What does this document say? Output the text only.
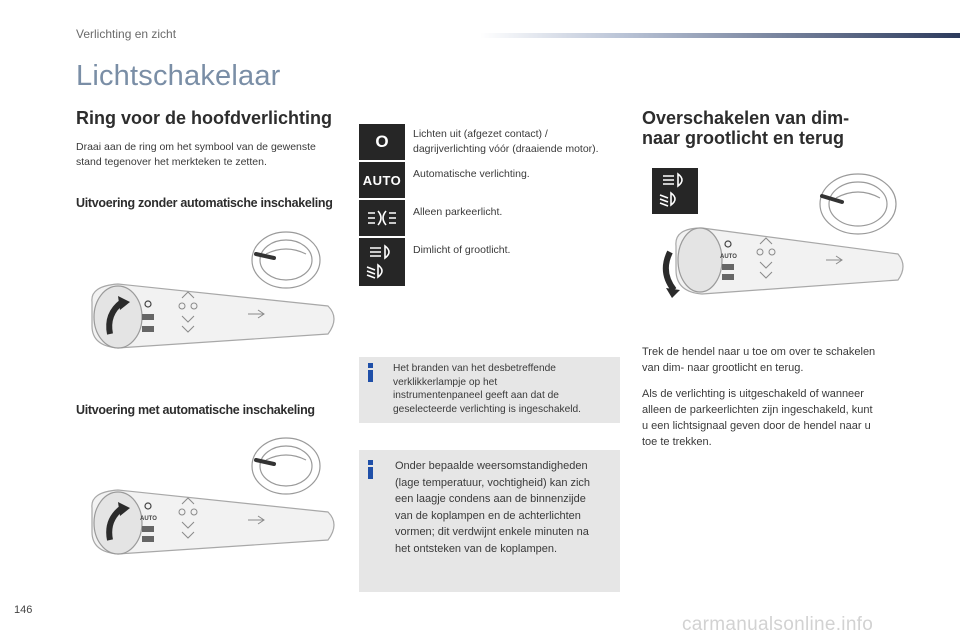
Verlichting en zicht
Lichtschakelaar
Ring voor de hoofdverlichting
Draai aan de ring om het symbool van de gewenste
stand tegenover het merkteken te zetten.
Uitvoering zonder automatische inschakeling
Uitvoering met automatische inschakeling
AUTO
O Lichten uit (afgezet contact) /
dagrijverlichting vóór (draaiende motor).
AUTO Automatische verlichting.
Alleen parkeerlicht.
Dimlicht of grootlicht.
Het branden van het desbetreffende
verklikkerlampje op het
instrumentenpaneel geeft aan dat de
geselecteerde verlichting is ingeschakeld.
Onder bepaalde weersomstandigheden
(lage temperatuur, vochtigheid) kan zich
een laagje condens aan de binnenzijde
van de koplampen en de achterlichten
vormen; dit verdwijnt enkele minuten na
het ontsteken van de koplampen.
Overschakelen van dim-
naar grootlicht en terug
AUTO
Trek de hendel naar u toe om over te schakelen
van dim- naar grootlicht en terug.
Als de verlichting is uitgeschakeld of wanneer
alleen de parkeerlichten zijn ingeschakeld, kunt
u een lichtsignaal geven door de hendel naar u
toe te trekken.
146
carmanualsonline.info
